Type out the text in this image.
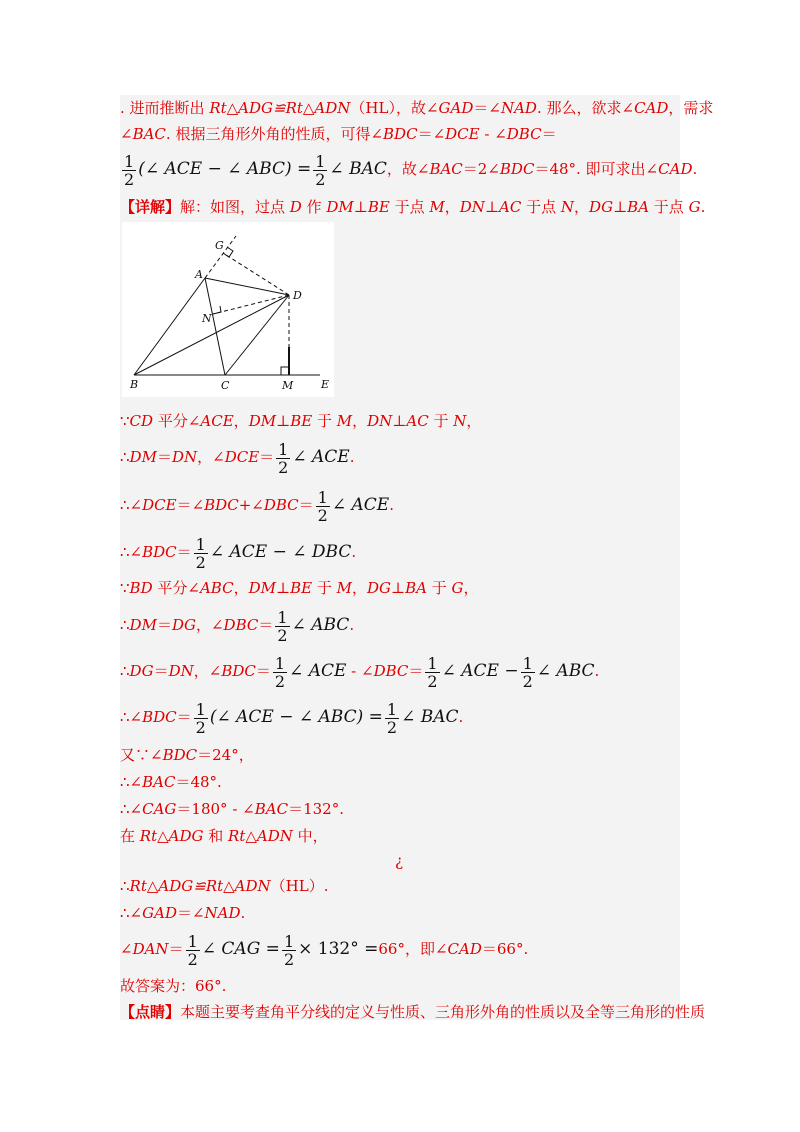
. 进而推断出 Rt△ADG≌Rt△ADN（HL），故∠GAD＝∠NAD. 那么，欲求∠CAD，需求
∠BAC. 根据三角形外角的性质，可得∠BDC＝∠DCE - ∠DBC＝
$\frac{1}{2}$ (∠ ACE − ∠ $ABC) = \frac{1}{2}$ ∠ BAC，故∠BAC＝2∠BDC＝48°. 即可求出∠CAD.
【详解】解：如图，过点 D 作 DM⊥BE 于点 M，DN⊥AC 于点 N，DG⊥BA 于点 G.
G
A
D
N
B	C	M	E
∵CD 平分∠ACE，DM⊥BE 于 M，DN⊥AC 于 N，
∴DM＝DN，∠DCE＝ $\frac{1}{2}$ ∠ ACE.
∴∠DCE＝∠BDC+∠DBC＝ $\frac{1}{2}$ ∠ ACE.
∴∠BDC＝ $\frac{1}{2}$ ∠ ACE − ∠ DBC.
∵BD 平分∠ABC，DM⊥BE 于 M，DG⊥BA 于 G，
∴DM＝DG，∠DBC＝ $\frac{1}{2}$ ∠ ABC.
∴DG＝DN，∠BDC＝ $\frac{1}{2}$ ∠ ACE - ∠DBC＝ $\frac{1}{2}$ ∠ ACE − $\frac{1}{2}$ ∠ ABC.
∴∠BDC＝ $\frac{1}{2}$ (∠ ACE − ∠ $ABC) = \frac{1}{2}$ ∠ BAC.
又∵∠BDC＝24°，
∴∠BAC＝48°.
∴∠CAG＝180° - ∠BAC＝132°.
在 Rt△ADG 和 Rt△ADN 中，
¿
∴Rt△ADG≌Rt△ADN（HL）.
∴∠GAD＝∠NAD.
∠DAN＝ $\frac{1}{2}$ ∠ CAG = $\frac{1}{2} \times 132^\circ =66^\circ$，即∠CAD＝66°.
故答案为：66°.
【点睛】本题主要考查角平分线的定义与性质、三角形外角的性质以及全等三角形的性质
